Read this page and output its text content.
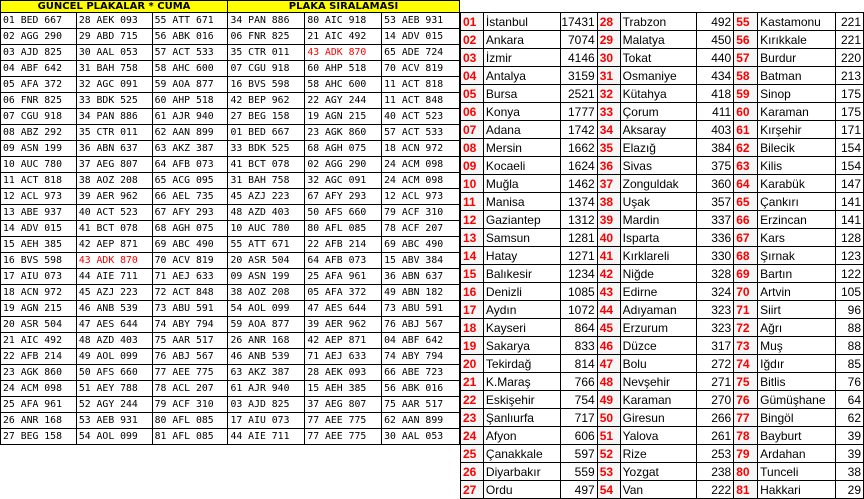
GÜNCEL PLAKALAR * CUMA	PLAKA SIRALAMASI
01 BED 667	28 AEK 093	55 ATT 671	34 PAN 886	80 AIC 918	53 AEB 931
02 AGG 290	29 ABD 715	56 ABK 016	06 FNR 825	21 AIC 492	14 ADV 015
03 AJD 825	30 AAL 053	57 ACT 533	35 CTR 011	43 ADK 870	65 ADE 724
04 ABF 642	31 BAH 758	58 AHC 600	07 CGU 918	60 AHP 518	70 ACV 819
05 AFA 372	32 AGC 091	59 AOA 877	16 BVS 598	58 AHC 600	11 ACT 818
06 FNR 825	33 BDK 525	60 AHP 518	42 BEP 962	22 AGY 244	11 ACT 848
07 CGU 918	34 PAN 886	61 AJR 940	27 BEG 158	19 AGN 215	40 ACT 523
08 ABZ 292	35 CTR 011	62 AAN 899	01 BED 667	23 AGK 860	57 ACT 533
09 ASN 199	36 ABN 637	63 AKZ 387	33 BDK 525	68 AGH 075	18 ACN 972
10 AUC 780	37 AEG 807	64 AFB 073	41 BCT 078	02 AGG 290	24 ACM 098
11 ACT 818	38 AOZ 208	65 ACG 095	31 BAH 758	32 AGC 091	24 ACM 098
12 ACL 973	39 AER 962	66 AEL 735	45 AZJ 223	67 AFY 293	12 ACL 973
13 ABE 937	40 ACT 523	67 AFY 293	48 AZD 403	50 AFS 660	79 ACF 310
14 ADV 015	41 BCT 078	68 AGH 075	10 AUC 780	80 AFL 085	78 ACF 207
15 AEH 385	42 AEP 871	69 ABC 490	55 ATT 671	22 AFB 214	69 ABC 490
16 BVS 598	43 ADK 870	70 ACV 819	20 ASR 504	64 AFB 073	15 ABV 384
17 AIU 073	44 AIE 711	71 AEJ 633	09 ASN 199	25 AFA 961	36 ABN 637
18 ACN 972	45 AZJ 223	72 ACT 848	38 AOZ 208	05 AFA 372	49 ABN 182
19 AGN 215	46 ANB 539	73 ABU 591	54 AOL 099	47 AES 644	73 ABU 591
20 ASR 504	47 AES 644	74 ABY 794	59 AOA 877	39 AER 962	76 ABJ 567
21 AIC 492	48 AZD 403	75 AAR 517	26 ANR 168	42 AEP 871	04 ABF 642
22 AFB 214	49 AOL 099	76 ABJ 567	46 ANB 539	71 AEJ 633	74 ABY 794
23 AGK 860	50 AFS 660	77 AEE 775	63 AKZ 387	28 AEK 093	66 ABE 723
24 ACM 098	51 AEY 788	78 ACL 207	61 AJR 940	15 AEH 385	56 ABK 016
25 AFA 961	52 AGY 244	79 ACF 310	03 AJD 825	37 AEG 807	75 AAR 517
26 ANR 168	53 AEB 931	80 AFL 085	17 AIU 073	77 AEE 775	62 AAN 899
27 BEG 158	54 AOL 099	81 AFL 085	44 AIE 711	77 AEE 775	30 AAL 053
01	İstanbul	17431	28	Trabzon	492	55	Kastamonu	221
02	Ankara	7074	29	Malatya	450	56	Kırıkkale	221
03	İzmir	4146	30	Tokat	440	57	Burdur	220
04	Antalya	3159	31	Osmaniye	434	58	Batman	213
05	Bursa	2521	32	Kütahya	418	59	Sinop	175
06	Konya	1777	33	Çorum	411	60	Karaman	175
07	Adana	1742	34	Aksaray	403	61	Kırşehir	171
08	Mersin	1662	35	Elazığ	384	62	Bilecik	154
09	Kocaeli	1624	36	Sivas	375	63	Kilis	154
10	Muğla	1462	37	Zonguldak	360	64	Karabük	147
11	Manisa	1374	38	Uşak	357	65	Çankırı	141
12	Gaziantep	1312	39	Mardin	337	66	Erzincan	141
13	Samsun	1281	40	Isparta	336	67	Kars	128
14	Hatay	1271	41	Kırklareli	330	68	Şırnak	123
15	Balıkesir	1234	42	Niğde	328	69	Bartın	122
16	Denizli	1085	43	Edirne	324	70	Artvin	105
17	Aydın	1072	44	Adıyaman	323	71	Siirt	96
18	Kayseri	864	45	Erzurum	323	72	Ağrı	88
19	Sakarya	833	46	Düzce	317	73	Muş	88
20	Tekirdağ	814	47	Bolu	272	74	Iğdır	85
21	K.Maraş	766	48	Nevşehir	271	75	Bitlis	76
22	Eskişehir	754	49	Karaman	270	76	Gümüşhane	64
23	Şanlıurfa	717	50	Giresun	266	77	Bingöl	62
24	Afyon	606	51	Yalova	261	78	Bayburt	39
25	Çanakkale	597	52	Rize	253	79	Ardahan	39
26	Diyarbakır	559	53	Yozgat	238	80	Tunceli	38
27	Ordu	497	54	Van	222	81	Hakkari	29
